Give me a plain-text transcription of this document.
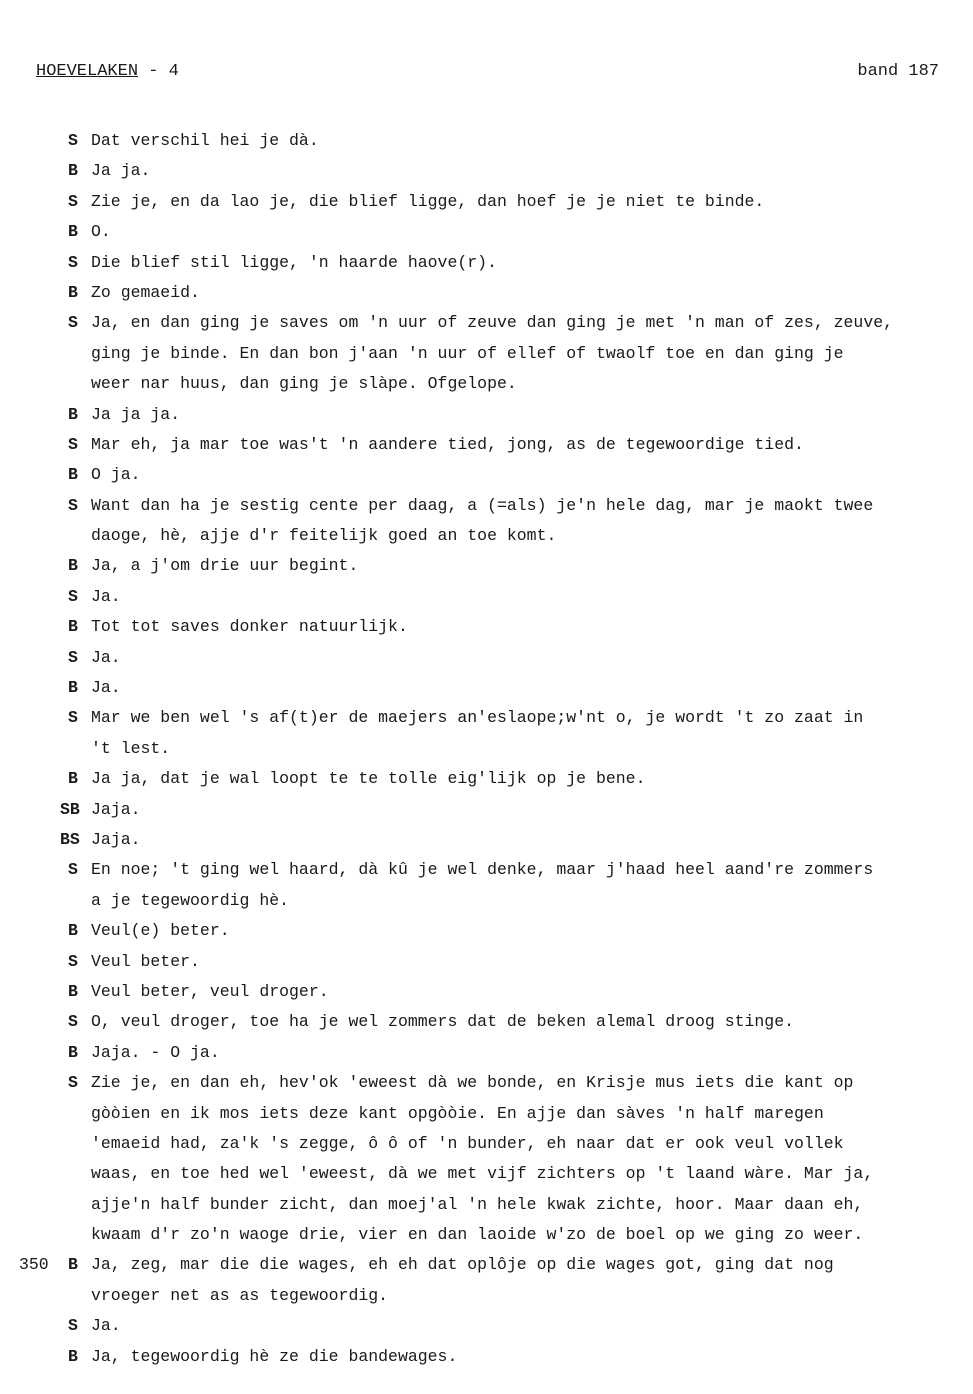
HOEVELAKEN - 4	band 187
S Dat verschil hei je dà.
B Ja ja.
S Zie je, en da lao je, die blief ligge, dan hoef je je niet te binde.
B O.
S Die blief stil ligge, 'n haarde haove(r).
B Zo gemaeid.
S Ja, en dan ging je saves om 'n uur of zeuve dan ging je met 'n man of zes, zeuve,
ging je binde. En dan bon j'aan 'n uur of ellef of twaolf toe en dan ging je
weer nar huus, dan ging je slàpe. Ofgelope.
B Ja ja ja.
S Mar eh, ja mar toe was't 'n aandere tied, jong, as de tegewoordige tied.
B O ja.
S Want dan ha je sestig cente per daag, a (=als) je'n hele dag, mar je maokt twee
daoge, hè, ajje d'r feitelijk goed an toe komt.
B Ja, a j'om drie uur begint.
S Ja.
B Tot tot saves donker natuurlijk.
S Ja.
B Ja.
S Mar we ben wel 's af(t)er de maejers an'eslaope;w'nt o, je wordt 't zo zaat in
't lest.
B Ja ja, dat je wal loopt te te tolle eig'lijk op je bene.
SB Jaja.
BS Jaja.
S En noe; 't ging wel haard, dà kû je wel denke, maar j'haad heel aand're zommers
a je tegewoordig hè.
B Veul(e) beter.
S Veul beter.
B Veul beter, veul droger.
S O, veul droger, toe ha je wel zommers dat de beken alemal droog stinge.
B Jaja. - O ja.
S Zie je, en dan eh, hev'ok 'eweest dà we bonde, en Krisje mus iets die kant op
gòòien en ik mos iets deze kant opgòòie. En ajje dan sàves 'n half maregen
'emaeid had, za'k 's zegge, ô ô of 'n bunder, eh naar dat er ook veul vollek
waas, en toe hed wel 'eweest, dà we met vijf zichters op 't laand wàre. Mar ja,
ajje'n half bunder zicht, dan moej'al 'n hele kwak zichte, hoor. Maar daan eh,
kwaam d'r zo'n waoge drie, vier en dan laoide w'zo de boel op we ging zo weer.
350 B Ja, zeg, mar die die wages, eh eh dat oplôje op die wages got, ging dat nog
vroeger net as as tegewoordig.
S Ja.
B Ja, tegewoordig hè ze die bandewages.
